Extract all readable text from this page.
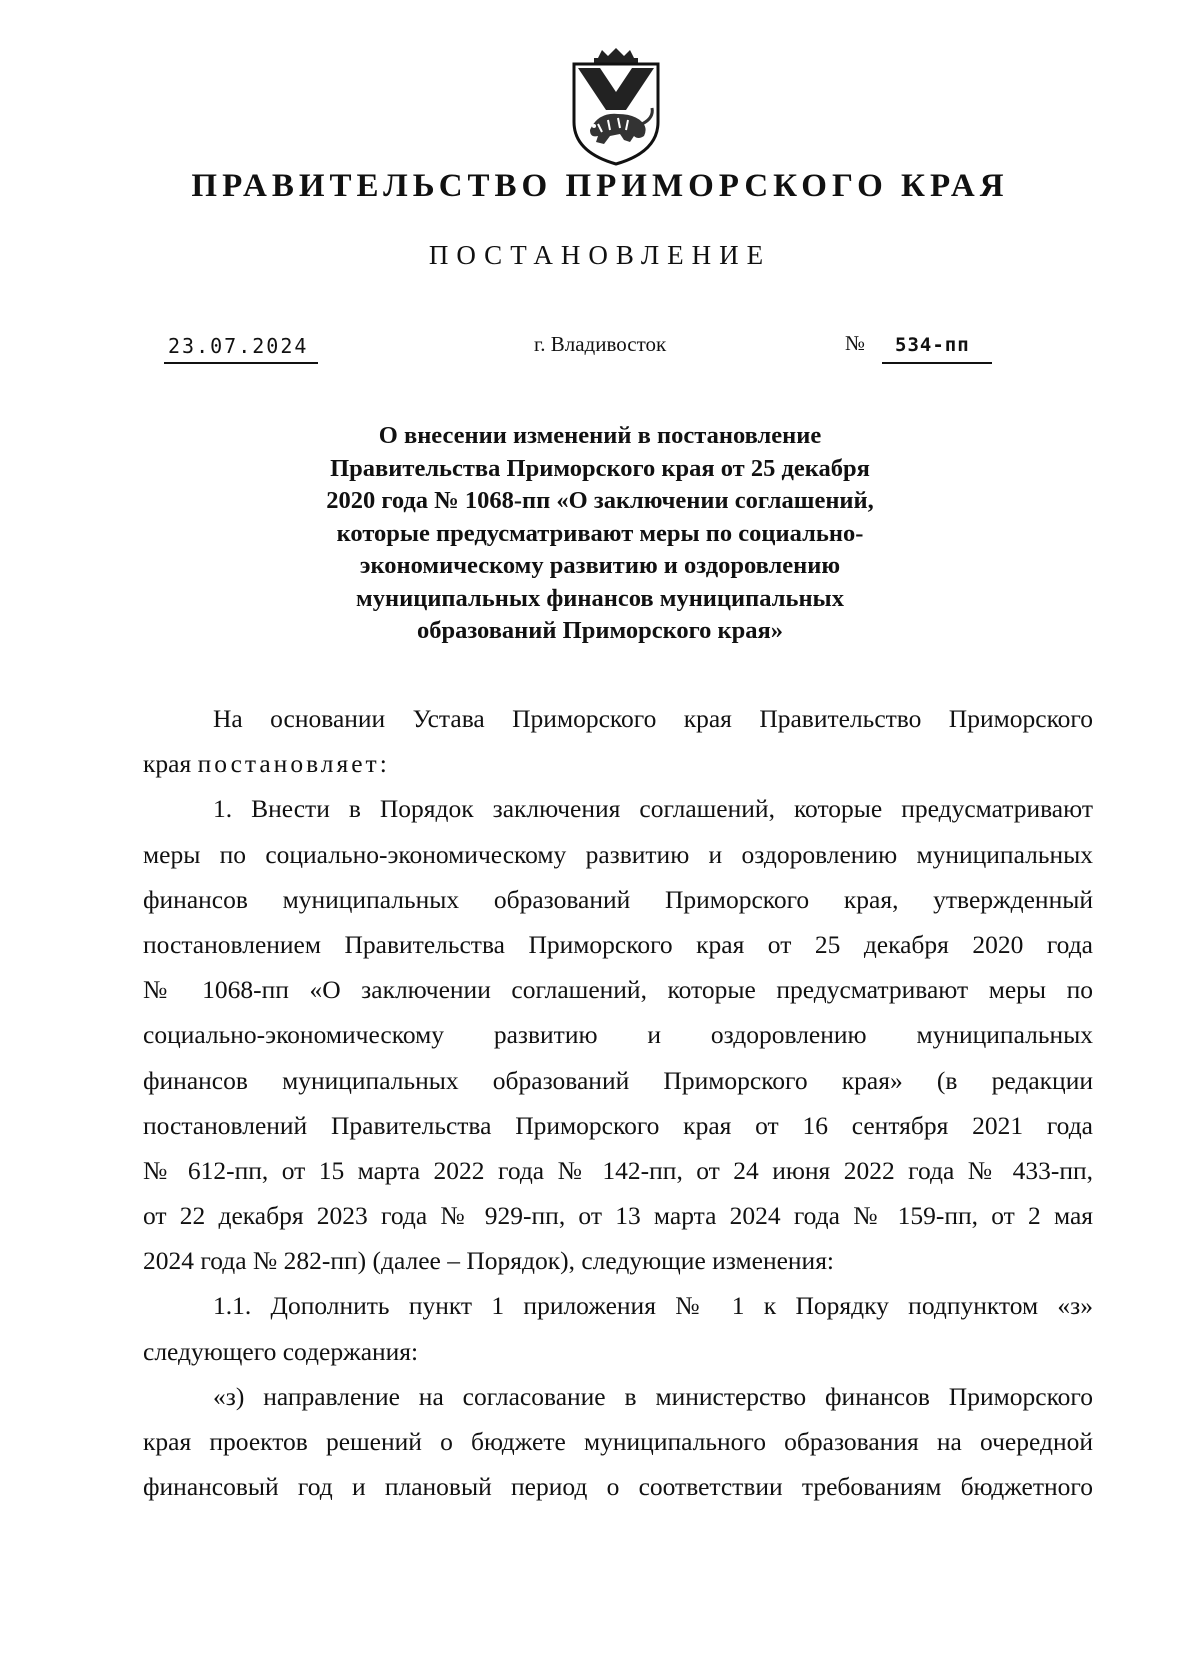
ПРАВИТЕЛЬСТВО ПРИМОРСКОГО КРАЯ
ПОСТАНОВЛЕНИЕ
23.07.2024	г. Владивосток	№ 534-пп
О внесении изменений в постановление
Правительства Приморского края от 25 декабря
2020 года № 1068-пп «О заключении соглашений,
которые предусматривают меры по социально-
экономическому развитию и оздоровлению
муниципальных финансов муниципальных
образований Приморского края»
На основании Устава Приморского края Правительство Приморского
края постановляет:
1. Внести в Порядок заключения соглашений, которые предусматривают
меры по социально-экономическому развитию и оздоровлению муниципальных
финансов муниципальных образований Приморского края, утвержденный
постановлением Правительства Приморского края от 25 декабря 2020 года
№ 1068-пп «О заключении соглашений, которые предусматривают меры по
социально-экономическому развитию и оздоровлению муниципальных
финансов муниципальных образований Приморского края» (в редакции
постановлений Правительства Приморского края от 16 сентября 2021 года
№ 612-пп, от 15 марта 2022 года № 142-пп, от 24 июня 2022 года № 433-пп,
от 22 декабря 2023 года № 929-пп, от 13 марта 2024 года № 159-пп, от 2 мая
2024 года № 282-пп) (далее – Порядок), следующие изменения:
1.1. Дополнить пункт 1 приложения № 1 к Порядку подпунктом «з»
следующего содержания:
«з) направление на согласование в министерство финансов Приморского
края проектов решений о бюджете муниципального образования на очередной
финансовый год и плановый период о соответствии требованиям бюджетного
